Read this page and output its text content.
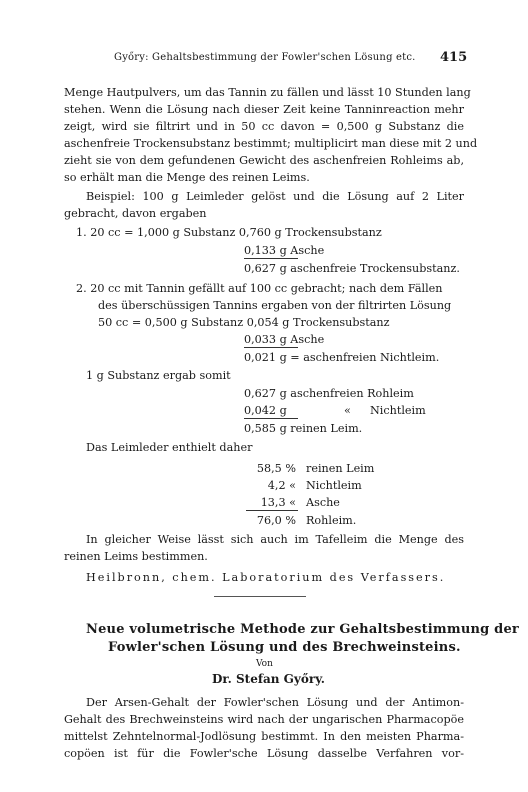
Győry: Gehaltsbestimmung der Fowler'schen Lösung etc. 415
Menge Hautpulvers, um das Tannin zu fällen und lässt 10 Stunden lang
stehen. Wenn die Lösung nach dieser Zeit keine Tanninreaction mehr
zeigt, wird sie filtrirt und in 50 cc davon = 0,500 g Substanz die
aschenfreie Trockensubstanz bestimmt; multiplicirt man diese mit 2 und
zieht sie von dem gefundenen Gewicht des aschenfreien Rohleims ab,
so erhält man die Menge des reinen Leims.
Beispiel: 100 g Leimleder gelöst und die Lösung auf 2 Liter
gebracht, davon ergaben
1. 20 cc = 1,000 g Substanz 0,760 g Trockensubstanz
0,133 g Asche
0,627 g aschenfreie Trockensubstanz.
2. 20 cc mit Tannin gefällt auf 100 cc gebracht; nach dem Fällen
des überschüssigen Tannins ergaben von der filtrirten Lösung
50 cc = 0,500 g Substanz 0,054 g Trockensubstanz
0,033 g Asche
0,021 g = aschenfreien Nichtleim.
1 g Substanz ergab somit
0,627 g aschenfreien Rohleim
0,042 g	« Nichtleim
0,585 g reinen Leim.
Das Leimleder enthielt daher
58,5 % reinen Leim
4,2 « Nichtleim
13,3 « Asche
76,0 % Rohleim.
In gleicher Weise lässt sich auch im Tafelleim die Menge des
reinen Leims bestimmen.
Heilbronn, chem. Laboratorium des Verfassers.
Neue volumetrische Methode zur Gehaltsbestimmung der
Fowler'schen Lösung und des Brechweinsteins.
Von
Dr. Stefan Győry.
Der Arsen-Gehalt der Fowler'schen Lösung und der Antimon-
Gehalt des Brechweinsteins wird nach der ungarischen Pharmacopöe
mittelst Zehntelnormal-Jodlösung bestimmt. In den meisten Pharma-
copöen ist für die Fowler'sche Lösung dasselbe Verfahren vor-
